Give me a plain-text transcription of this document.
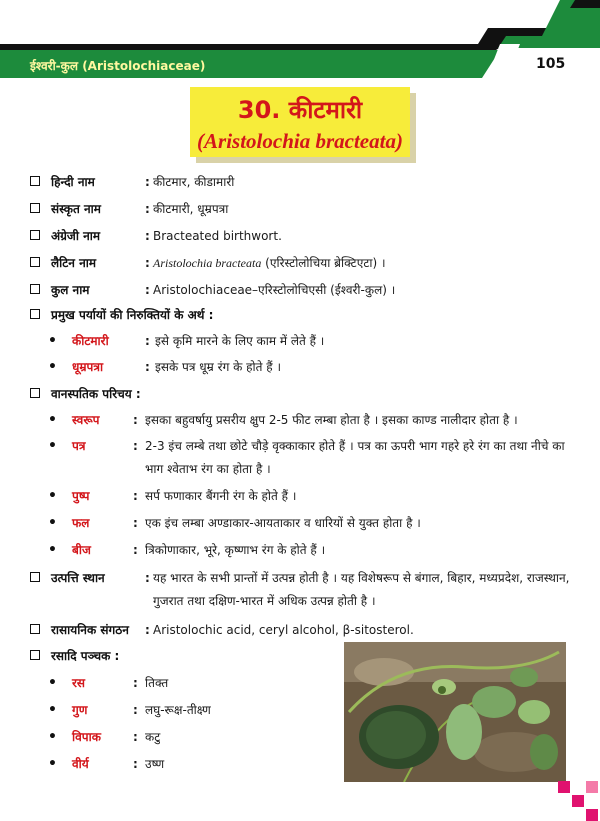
ईश्वरी-कुल (Aristolochiaceae)	105
30. कीटमारी
(Aristolochia bracteata)
हिन्दी नाम	: कीटमार, कीडामारी
संस्कृत नाम	: कीटमारी, धूम्रपत्रा
अंग्रेजी नाम	: Bracteated birthwort.
लैटिन नाम	: Aristolochia bracteata (एरिस्टोलोचिया ब्रेक्टिएटा) ।
कुल नाम	: Aristolochiaceae–एरिस्टोलोचिएसी (ईश्वरी-कुल) ।
प्रमुख पर्यायों की निरुक्तियों के अर्थ :
• कीटमारी	: इसे कृमि मारने के लिए काम में लेते हैं ।
• धूम्रपत्रा	: इसके पत्र धूम्र रंग के होते हैं ।
वानस्पतिक परिचय :
• स्वरूप	: इसका बहुवर्षायु प्रसरीय क्षुप 2-5 फीट लम्बा होता है । इसका काण्ड नालीदार होता है ।
• पत्र	: 2-3 इंच लम्बे तथा छोटे चौड़े वृक्काकार होते हैं । पत्र का ऊपरी भाग गहरे हरे रंग का तथा नीचे का भाग श्वेताभ रंग का होता है ।
• पुष्प	: सर्प फणाकार बैंगनी रंग के होते हैं ।
• फल	: एक इंच लम्बा अण्डाकार-आयताकार व धारियों से युक्त होता है ।
• बीज	: त्रिकोणाकार, भूरे, कृष्णाभ रंग के होते हैं ।
उत्पत्ति स्थान	: यह भारत के सभी प्रान्तों में उत्पन्न होती है । यह विशेषरूप से बंगाल, बिहार, मध्यप्रदेश, राजस्थान, गुजरात तथा दक्षिण-भारत में अधिक उत्पन्न होती है ।
रासायनिक संगठन : Aristolochic acid, ceryl alcohol, β-sitosterol.
रसादि पञ्चक :
• रस	: तिक्त
• गुण	: लघु-रूक्ष-तीक्ष्ण
• विपाक	: कटु
• वीर्य	: उष्ण
